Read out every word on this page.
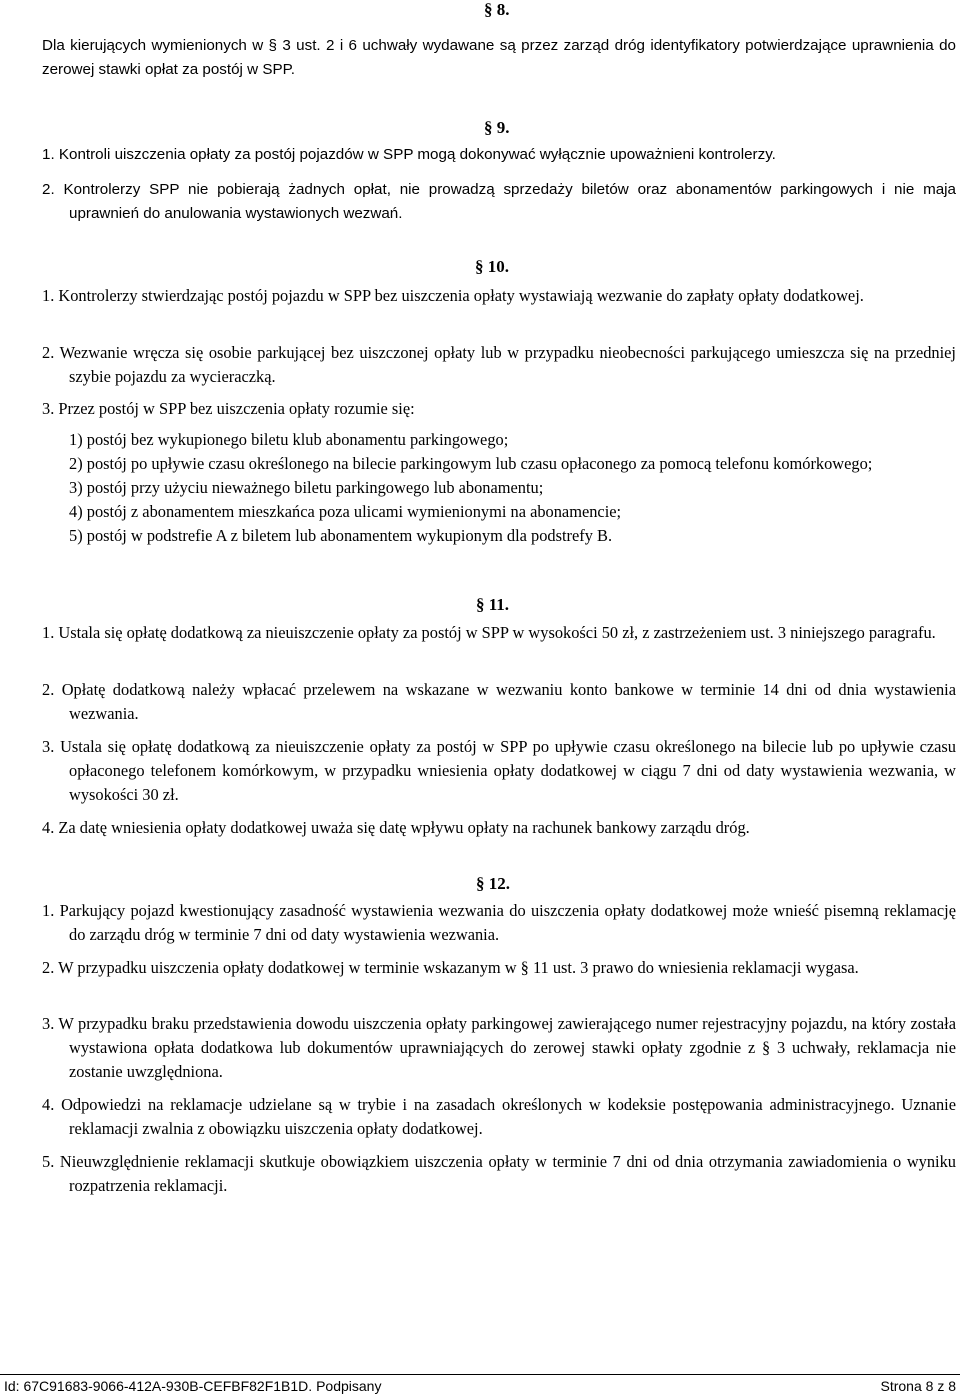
§ 8.

Dla kierujących wymienionych w § 3 ust. 2 i 6 uchwały wydawane są przez zarząd dróg identyfikatory potwierdzające uprawnienia do zerowej stawki opłat za postój w SPP.

§ 9.

1. Kontroli uiszczenia opłaty za postój pojazdów w SPP mogą dokonywać wyłącznie upoważnieni kontrolerzy.

2. Kontrolerzy SPP nie pobierają żadnych opłat, nie prowadzą sprzedaży biletów oraz abonamentów parkingowych i nie maja uprawnień do anulowania wystawionych wezwań.

§ 10.

1. Kontrolerzy stwierdzając postój pojazdu w SPP bez uiszczenia opłaty wystawiają wezwanie do zapłaty opłaty dodatkowej.

2. Wezwanie wręcza się osobie parkującej bez uiszczonej opłaty lub w przypadku nieobecności parkującego umieszcza się na przedniej szybie pojazdu za wycieraczką.

3. Przez postój w SPP bez uiszczenia opłaty rozumie się:

1) postój bez wykupionego biletu klub abonamentu parkingowego;
2) postój po upływie czasu określonego na bilecie parkingowym lub czasu opłaconego za pomocą telefonu komórkowego;
3) postój przy użyciu nieważnego biletu parkingowego lub abonamentu;
4) postój z abonamentem mieszkańca poza ulicami wymienionymi na abonamencie;
5) postój w podstrefie A z biletem lub abonamentem wykupionym dla podstrefy B.
§ 11.

1. Ustala się opłatę dodatkową za nieuiszczenie opłaty za postój w SPP w wysokości 50 zł, z zastrzeżeniem ust. 3 niniejszego paragrafu.

2. Opłatę dodatkową należy wpłacać przelewem na wskazane w wezwaniu konto bankowe w terminie 14 dni od dnia wystawienia wezwania.

3. Ustala się opłatę dodatkową za nieuiszczenie opłaty za postój w SPP po upływie czasu określonego na bilecie lub po upływie czasu opłaconego telefonem komórkowym, w przypadku wniesienia opłaty dodatkowej w ciągu 7 dni od daty wystawienia wezwania, w wysokości 30 zł.

4. Za datę wniesienia opłaty dodatkowej uważa się datę wpływu opłaty na rachunek bankowy zarządu dróg.

§ 12.

1. Parkujący pojazd kwestionujący zasadność wystawienia wezwania do uiszczenia opłaty dodatkowej może wnieść pisemną reklamację do zarządu dróg w terminie 7 dni od daty wystawienia wezwania.

2. W przypadku uiszczenia opłaty dodatkowej w terminie wskazanym w § 11 ust. 3 prawo do wniesienia reklamacji wygasa.

3. W przypadku braku przedstawienia dowodu uiszczenia opłaty parkingowej zawierającego numer rejestracyjny pojazdu, na który została wystawiona opłata dodatkowa lub dokumentów uprawniających do zerowej stawki opłaty zgodnie z § 3 uchwały, reklamacja nie zostanie uwzględniona.

4. Odpowiedzi na reklamacje udzielane są w trybie i na zasadach określonych w kodeksie postępowania administracyjnego. Uznanie reklamacji zwalnia z obowiązku uiszczenia opłaty dodatkowej.

5. Nieuwzględnienie reklamacji skutkuje obowiązkiem uiszczenia opłaty w terminie 7 dni od dnia otrzymania zawiadomienia o wyniku rozpatrzenia reklamacji.

Id: 67C91683-9066-412A-930B-CEFBF82F1B1D. Podpisany	Strona 8 z 8
